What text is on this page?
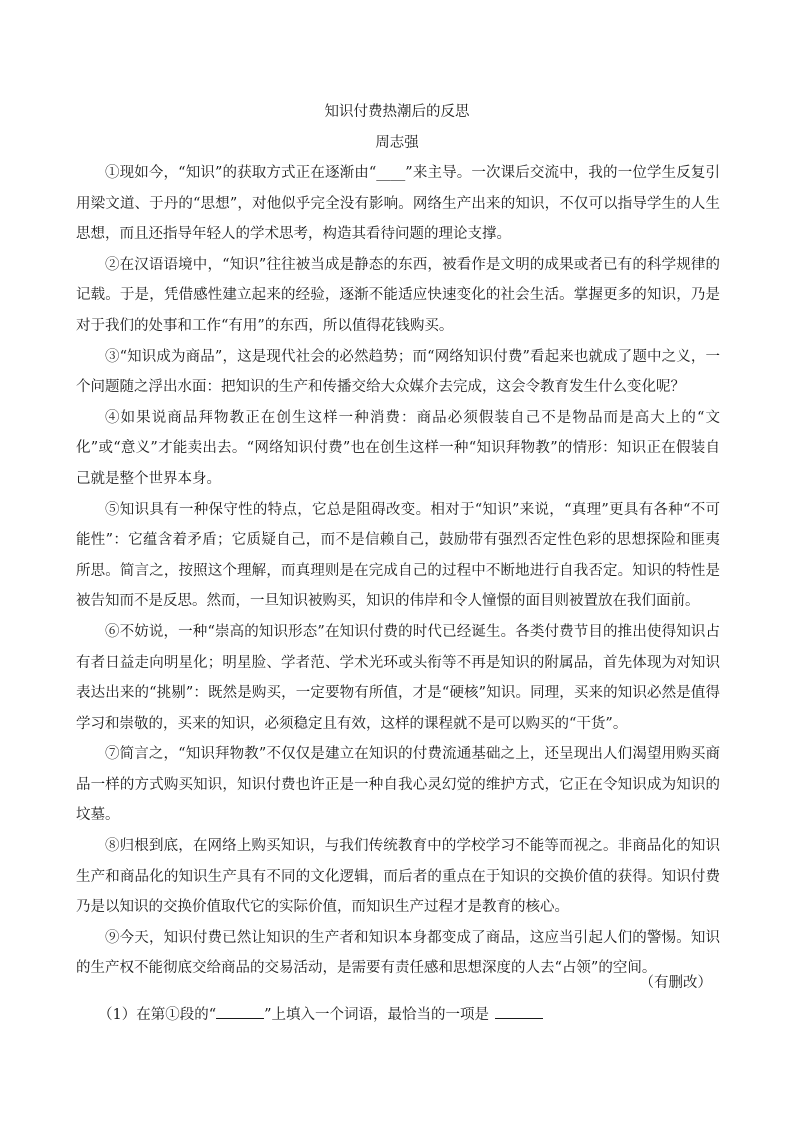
知识付费热潮后的反思
周志强

①现如今，“知识”的获取方式正在逐渐由“____”来主导。一次课后交流中，我的一位学生反复引用梁文道、于丹的“思想”，对他似乎完全没有影响。网络生产出来的知识，不仅可以指导学生的人生思想，而且还指导年轻人的学术思考，构造其看待问题的理论支撑。

②在汉语语境中，“知识”往往被当成是静态的东西，被看作是文明的成果或者已有的科学规律的记载。于是，凭借感性建立起来的经验，逐渐不能适应快速变化的社会生活。掌握更多的知识，乃是对于我们的处事和工作“有用”的东西，所以值得花钱购买。

③“知识成为商品”，这是现代社会的必然趋势；而“网络知识付费”看起来也就成了题中之义，一个问题随之浮出水面：把知识的生产和传播交给大众媒介去完成，这会令教育发生什么变化呢？

④如果说商品拜物教正在创生这样一种消费：商品必须假装自己不是物品而是高大上的“文化”或“意义”才能卖出去。“网络知识付费”也在创生这样一种“知识拜物教”的情形：知识正在假装自己就是整个世界本身。

⑤知识具有一种保守性的特点，它总是阻碍改变。相对于“知识”来说，“真理”更具有各种“不可能性”：它蕴含着矛盾；它质疑自己，而不是信赖自己，鼓励带有强烈否定性色彩的思想探险和匪夷所思。简言之，按照这个理解，而真理则是在完成自己的过程中不断地进行自我否定。知识的特性是被告知而不是反思。然而，一旦知识被购买，知识的伟岸和令人憧憬的面目则被置放在我们面前。

⑥不妨说，一种“崇高的知识形态”在知识付费的时代已经诞生。各类付费节目的推出使得知识占有者日益走向明星化；明星脸、学者范、学术光环或头衔等不再是知识的附属品，首先体现为对知识表达出来的“挑剔”：既然是购买，一定要物有所值，才是“硬核”知识。同理，买来的知识必然是值得学习和崇敬的，买来的知识，必须稳定且有效，这样的课程就不是可以购买的“干货”。

⑦简言之，“知识拜物教”不仅仅是建立在知识的付费流通基础之上，还呈现出人们渴望用购买商品一样的方式购买知识，知识付费也许正是一种自我心灵幻觉的维护方式，它正在令知识成为知识的坟墓。

⑧归根到底，在网络上购买知识，与我们传统教育中的学校学习不能等而视之。非商品化的知识生产和商品化的知识生产具有不同的文化逻辑，而后者的重点在于知识的交换价值的获得。知识付费乃是以知识的交换价值取代它的实际价值，而知识生产过程才是教育的核心。

⑨今天，知识付费已然让知识的生产者和知识本身都变成了商品，这应当引起人们的警惕。知识的生产权不能彻底交给商品的交易活动，是需要有责任感和思想深度的人去“占领”的空间。

（有删改）
（1）在第①段的“	”上填入一个词语，最恰当的一项是
